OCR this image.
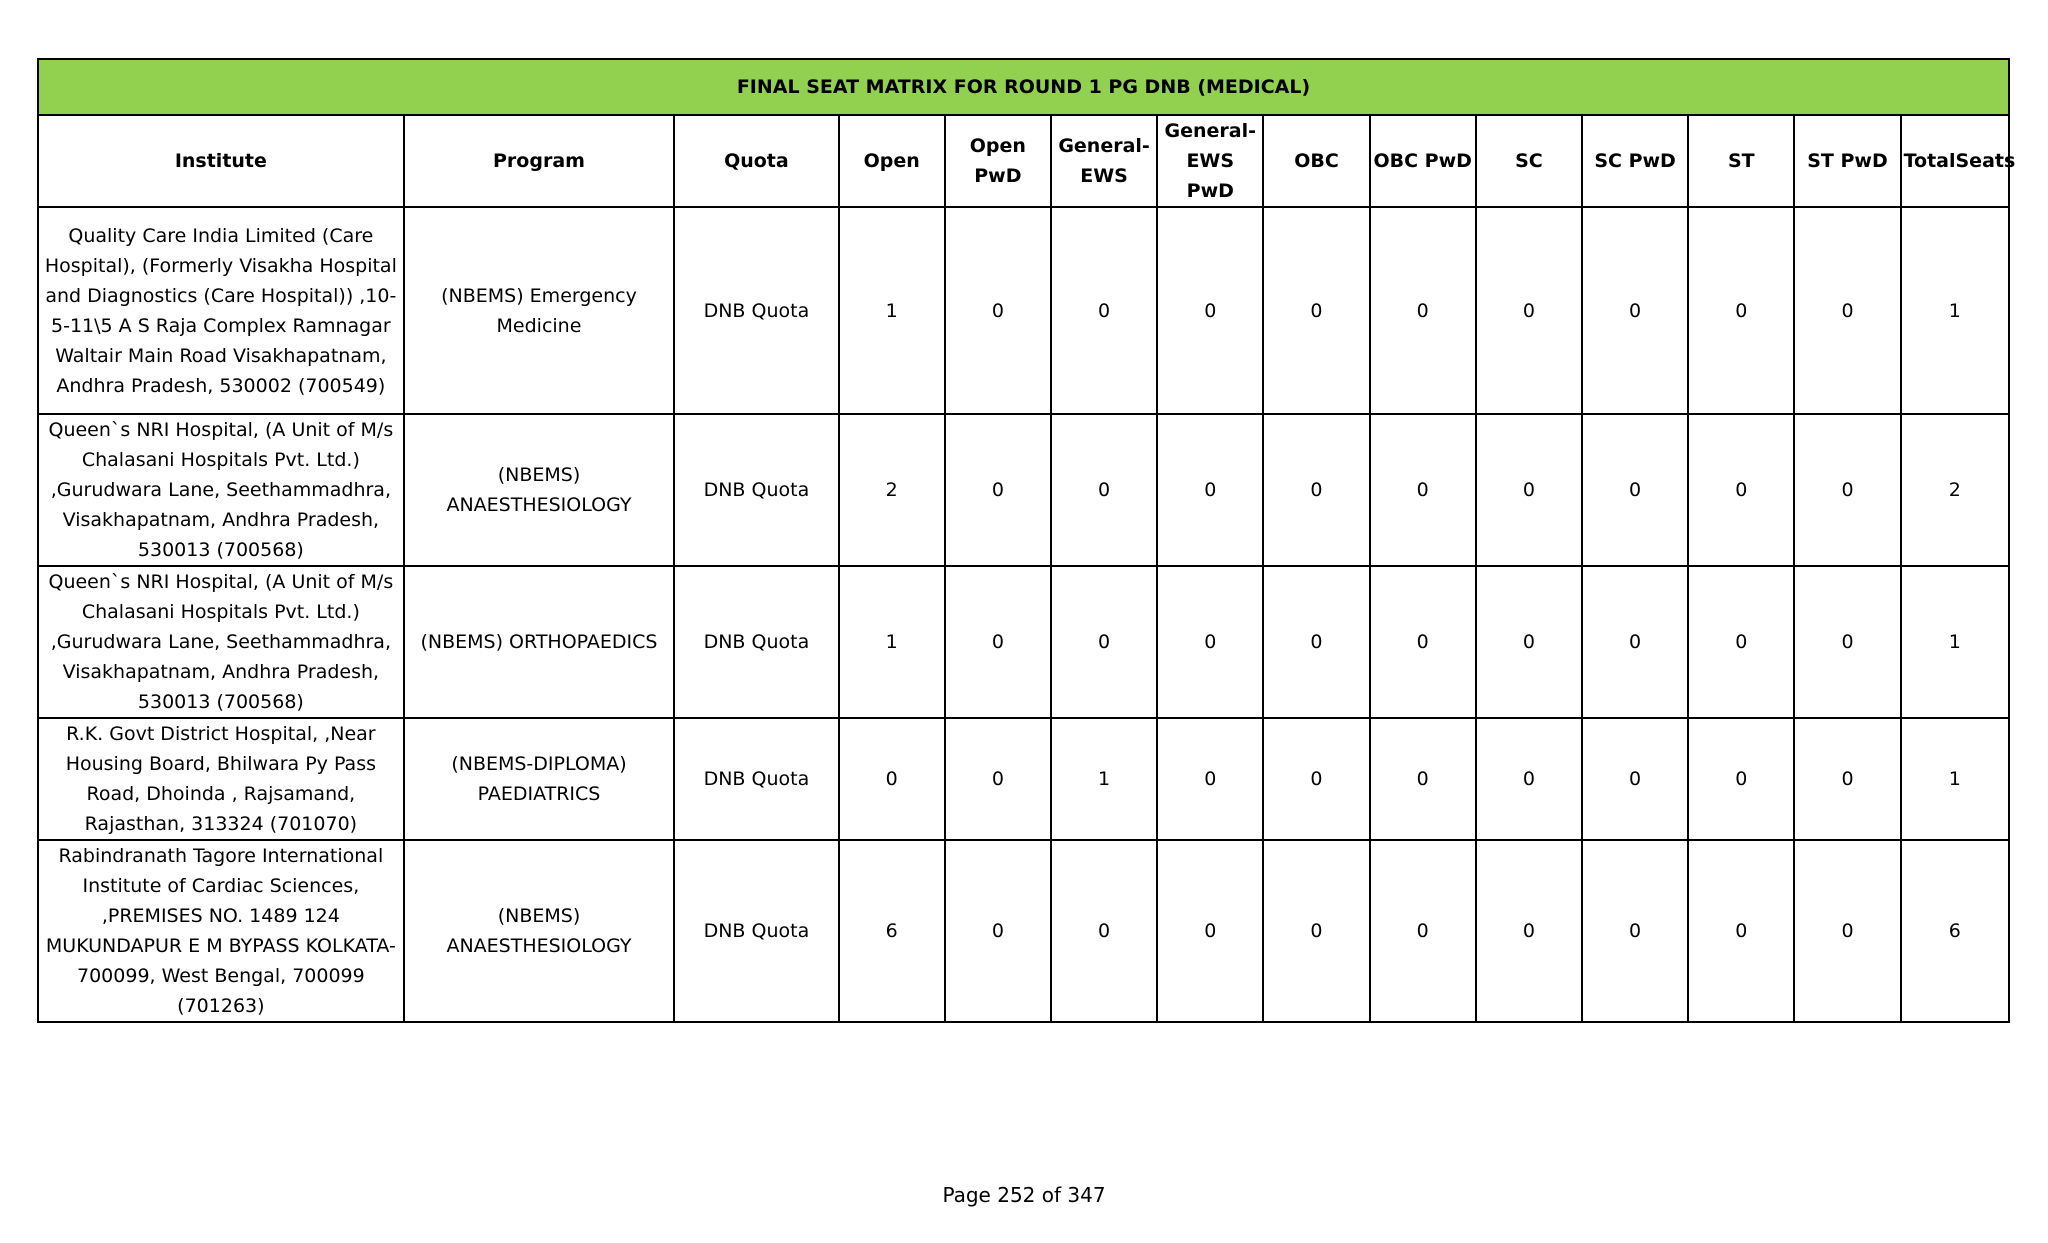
FINAL SEAT MATRIX FOR ROUND 1 PG DNB (MEDICAL)													
Institute	Program	Quota	Open	Open PwD	General-EWS	General-EWS PwD	OBC	OBC PwD	SC	SC PwD	ST	ST PwD	TotalSeats
Quality Care India Limited (Care Hospital), (Formerly Visakha Hospital and Diagnostics (Care Hospital)) ,10-5-11\5 A S Raja Complex Ramnagar Waltair Main Road Visakhapatnam, Andhra Pradesh, 530002 (700549)	(NBEMS) Emergency Medicine	DNB Quota	1	0	0	0	0	0	0	0	0	0	1
Queen`s NRI Hospital, (A Unit of M/s Chalasani Hospitals Pvt. Ltd.) ,Gurudwara Lane, Seethammadhra, Visakhapatnam, Andhra Pradesh, 530013 (700568)	(NBEMS) ANAESTHESIOLOGY	DNB Quota	2	0	0	0	0	0	0	0	0	0	2
Queen`s NRI Hospital, (A Unit of M/s Chalasani Hospitals Pvt. Ltd.) ,Gurudwara Lane, Seethammadhra, Visakhapatnam, Andhra Pradesh, 530013 (700568)	(NBEMS) ORTHOPAEDICS	DNB Quota	1	0	0	0	0	0	0	0	0	0	1
R.K. Govt District Hospital, ,Near Housing Board, Bhilwara Py Pass Road, Dhoinda , Rajsamand, Rajasthan, 313324 (701070)	(NBEMS-DIPLOMA) PAEDIATRICS	DNB Quota	0	0	1	0	0	0	0	0	0	0	1
Rabindranath Tagore International Institute of Cardiac Sciences, ,PREMISES NO. 1489 124 MUKUNDAPUR E M BYPASS KOLKATA-700099, West Bengal, 700099 (701263)	(NBEMS) ANAESTHESIOLOGY	DNB Quota	6	0	0	0	0	0	0	0	0	0	6
Page 252 of 347
